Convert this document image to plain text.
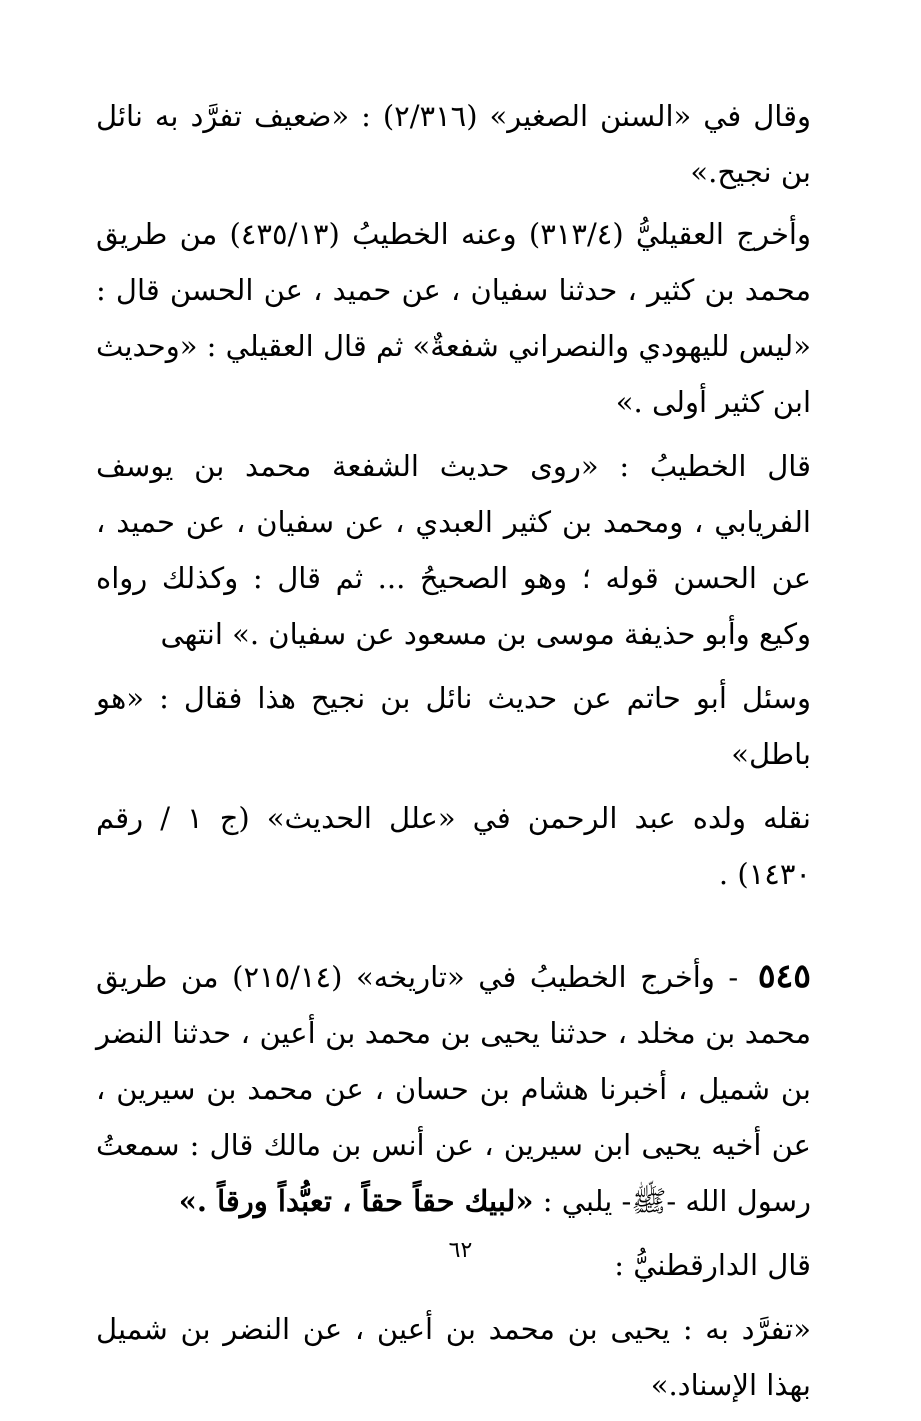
وقال في «السنن الصغير» (٢/٣١٦) : «ضعيف تفرَّد به نائل بن نجيح.»

وأخرج العقيليُّ (٣١٣/٤) وعنه الخطيبُ (٤٣٥/١٣) من طريق محمد بن كثير ، حدثنا سفيان ، عن حميد ، عن الحسن قال : «ليس لليهودي والنصراني شفعةٌ» ثم قال العقيلي : «وحديث ابن كثير أولى .»

قال الخطيبُ : «روى حديث الشفعة محمد بن يوسف الفريابي ، ومحمد بن كثير العبدي ، عن سفيان ، عن حميد ، عن الحسن قوله ؛ وهو الصحيحُ ... ثم قال : وكذلك رواه وكيع وأبو حذيفة موسى بن مسعود عن سفيان .» انتهى

وسئل أبو حاتم عن حديث نائل بن نجيح هذا فقال : «هو باطل»

نقله ولده عبد الرحمن في «علل الحديث» (ج ١ / رقم ١٤٣٠) .

٥٤٥ - وأخرج الخطيبُ في «تاريخه» (٢١٥/١٤) من طريق محمد بن مخلد ، حدثنا يحيى بن محمد بن أعين ، حدثنا النضر بن شميل ، أخبرنا هشام بن حسان ، عن محمد بن سيرين ، عن أخيه يحيى ابن سيرين ، عن أنس بن مالك قال : سمعتُ رسول الله -ﷺ- يلبي : «لبيك حقاً حقاً ، تعبُّداً ورقاً .»

قال الدارقطنيُّ :

«تفرَّد به : يحيى بن محمد بن أعين ، عن النضر بن شميل بهذا الإسناد.»

٦٢
